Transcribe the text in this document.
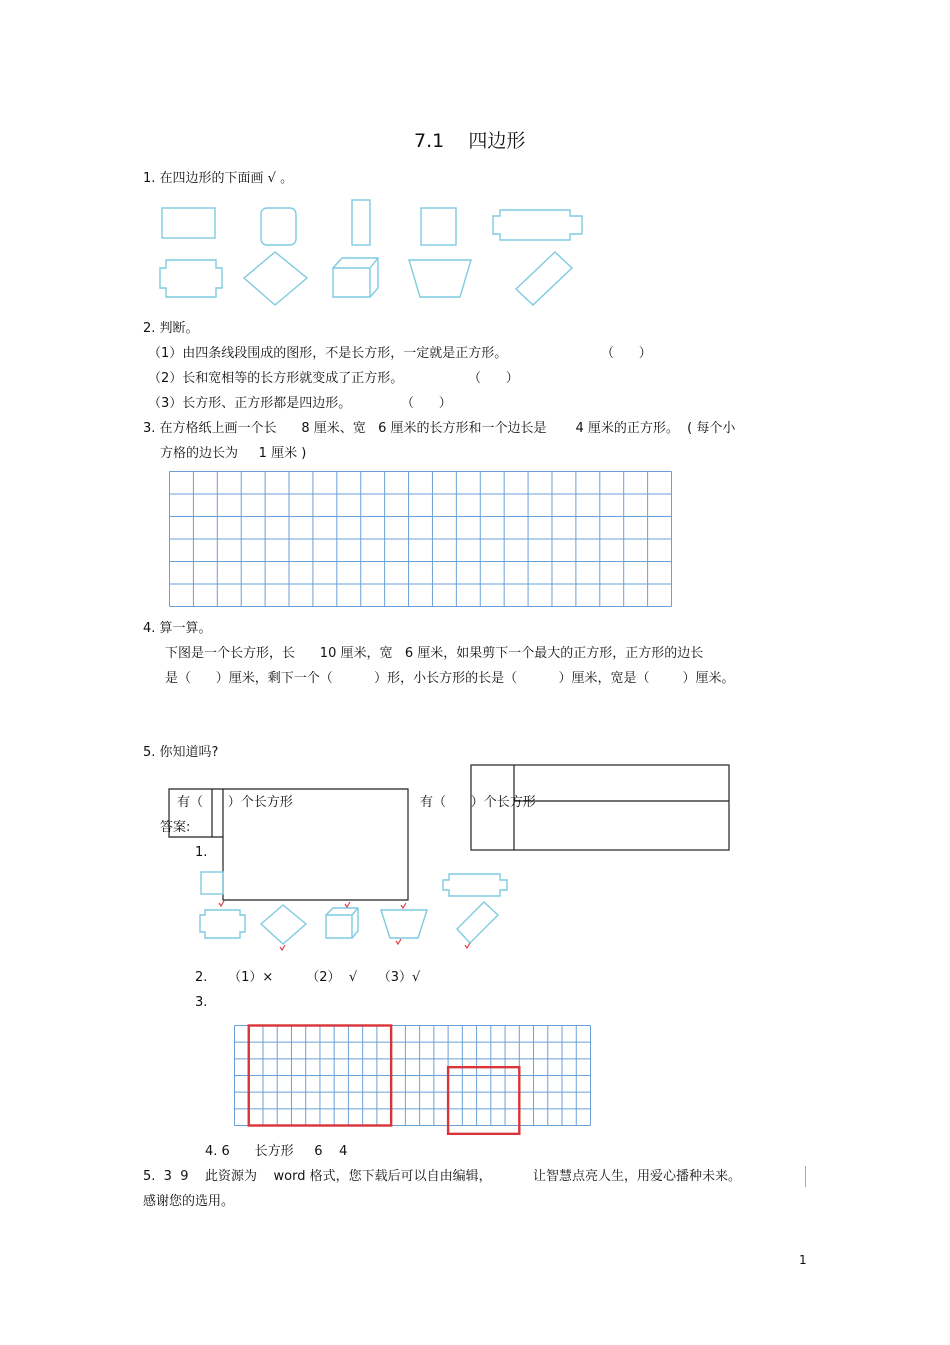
7.1    四边形
1. 在四边形的下面画 √ 。
2. 判断。
（1）由四条线段围成的图形，不是长方形，一定就是正方形。	（      ）
（2）长和宽相等的长方形就变成了正方形。	（      ）
（3）长方形、正方形都是四边形。	（      ）
3. 在方格纸上画一个长      8 厘米、宽   6 厘米的长方形和一个边长是       4 厘米的正方形。  ( 每个小
方格的边长为     1 厘米 )
4. 算一算。
下图是一个长方形，长      10 厘米，宽   6 厘米，如果剪下一个最大的正方形，正方形的边长
是（      ）厘米，剩下一个（          ）形，小长方形的长是（          ）厘米，宽是（        ）厘米。
5. 你知道吗?
有（      ）个长方形	有（      ）个长方形
答案:
1.
2.     （1）×        （2）  √     （3）√
3.
4. 6      长方形     6    4
5.  3  9    此资源为    word 格式，您下载后可以自由编辑，          让智慧点亮人生，用爱心播种未来。
感谢您的选用。
1
